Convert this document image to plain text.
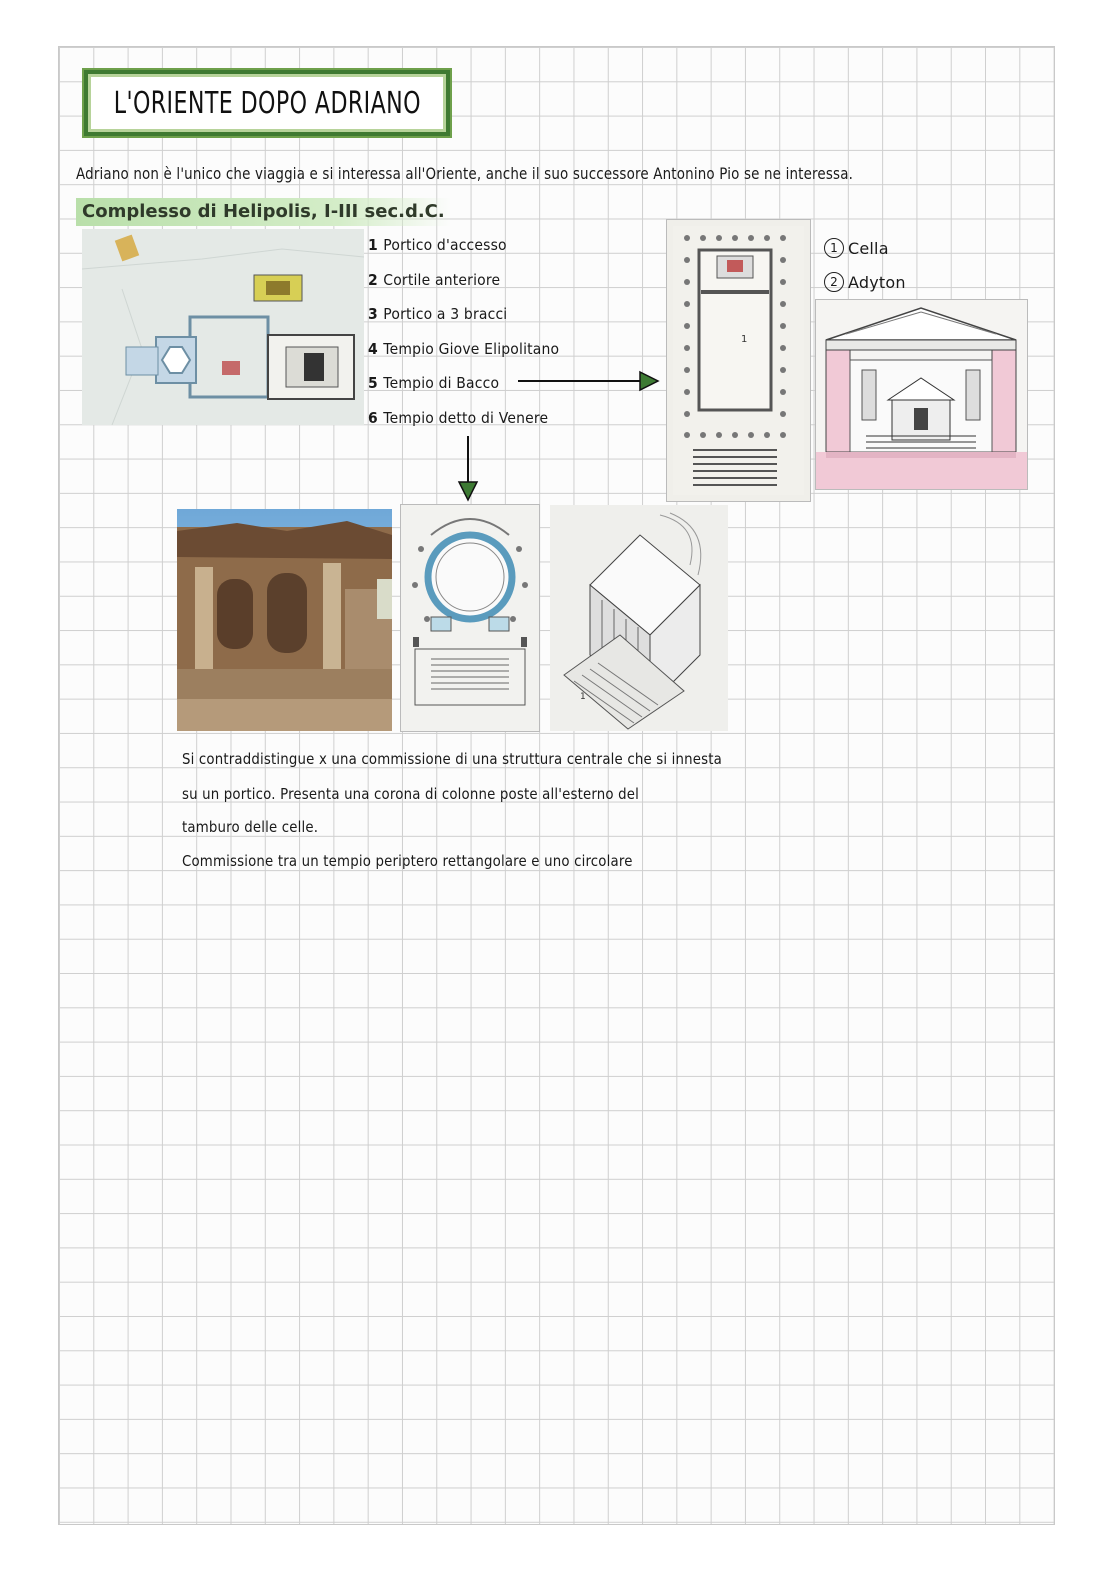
L'ORIENTE DOPO ADRIANO
Adriano non è l'unico che viaggia e si interessa all'Oriente, anche il suo successore Antonino Pio se ne interessa.
Complesso di Helipolis, I-III sec.d.C.
1 Portico d'accesso
2 Cortile anteriore
3 Portico a 3 bracci
4 Tempio Giove Elipolitano
5 Tempio di Bacco
6 Tempio detto di Venere
1
1 Cella
2 Adyton
1
Si contraddistingue x una commissione di una struttura centrale che si innesta
su un portico. Presenta una corona di colonne poste all'esterno del
tamburo delle celle.
Commissione tra un tempio periptero rettangolare e uno circolare
